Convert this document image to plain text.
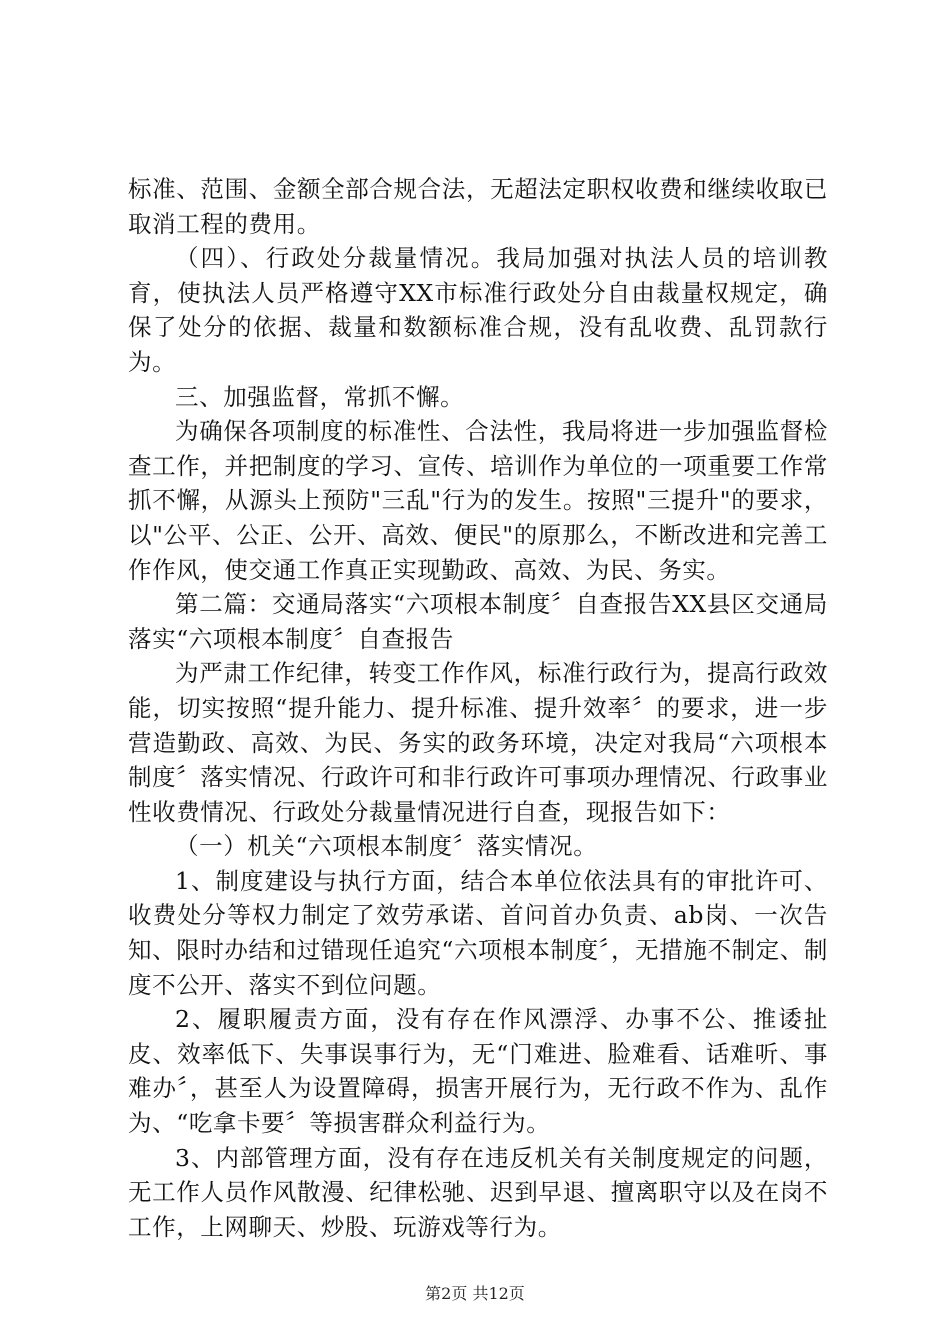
标准、范围、金额全部合规合法，无超法定职权收费和继续收取已取消工程的费用。

（四）、行政处分裁量情况。我局加强对执法人员的培训教育，使执法人员严格遵守XX市标准行政处分自由裁量权规定，确保了处分的依据、裁量和数额标准合规，没有乱收费、乱罚款行为。

三、加强监督，常抓不懈。

为确保各项制度的标准性、合法性，我局将进一步加强监督检查工作，并把制度的学习、宣传、培训作为单位的一项重要工作常抓不懈，从源头上预防"三乱"行为的发生。按照"三提升"的要求，以"公平、公正、公开、高效、便民"的原那么，不断改进和完善工作作风，使交通工作真正实现勤政、高效、为民、务实。

第二篇：交通局落实“六项根本制度〞自查报告XX县区交通局落实“六项根本制度〞自查报告

为严肃工作纪律，转变工作作风，标准行政行为，提高行政效能，切实按照“提升能力、提升标准、提升效率〞的要求，进一步营造勤政、高效、为民、务实的政务环境，决定对我局“六项根本制度〞落实情况、行政许可和非行政许可事项办理情况、行政事业性收费情况、行政处分裁量情况进行自查，现报告如下：

（一）机关“六项根本制度〞落实情况。

1、制度建设与执行方面，结合本单位依法具有的审批许可、收费处分等权力制定了效劳承诺、首问首办负责、ab岗、一次告知、限时办结和过错现任追究“六项根本制度〞，无措施不制定、制度不公开、落实不到位问题。

2、履职履责方面，没有存在作风漂浮、办事不公、推诿扯皮、效率低下、失事误事行为，无“门难进、脸难看、话难听、事难办〞，甚至人为设置障碍，损害开展行为，无行政不作为、乱作为、“吃拿卡要〞等损害群众利益行为。

3、内部管理方面，没有存在违反机关有关制度规定的问题，无工作人员作风散漫、纪律松驰、迟到早退、擅离职守以及在岗不工作，上网聊天、炒股、玩游戏等行为。

第2页 共12页
